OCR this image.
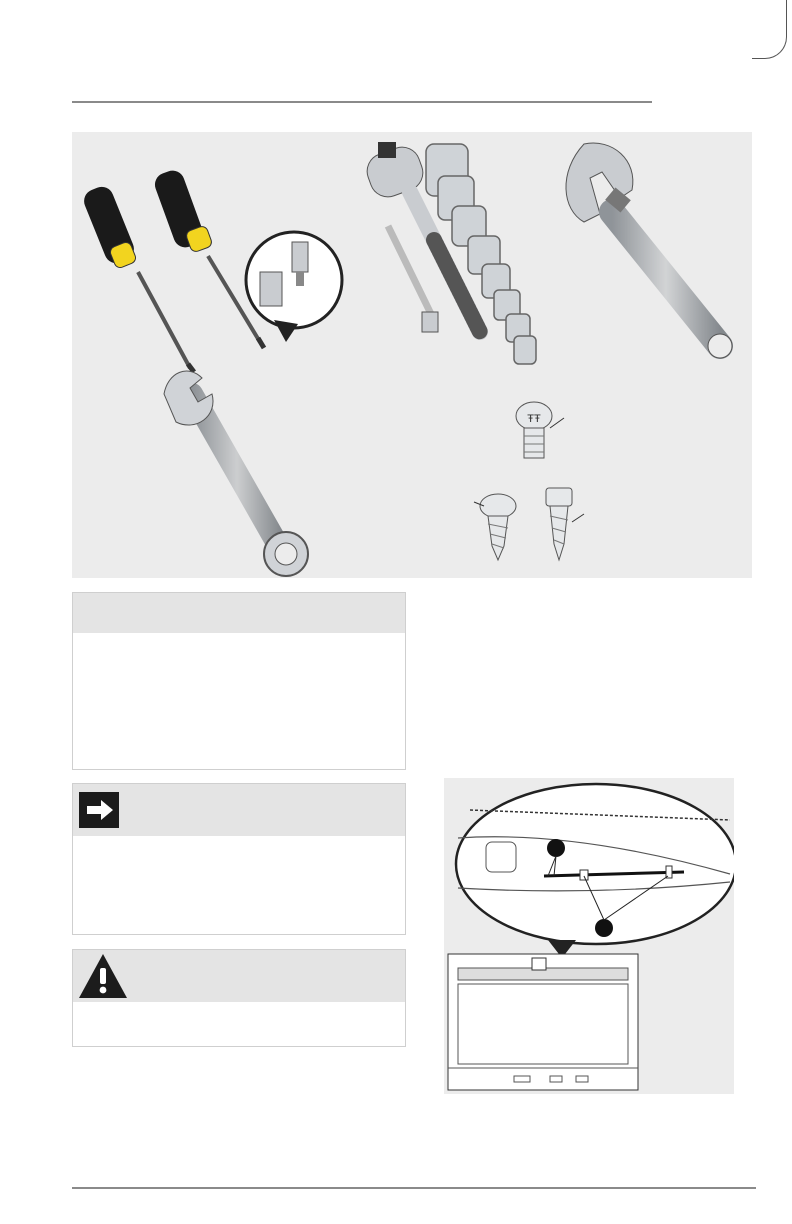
ŦŦ
